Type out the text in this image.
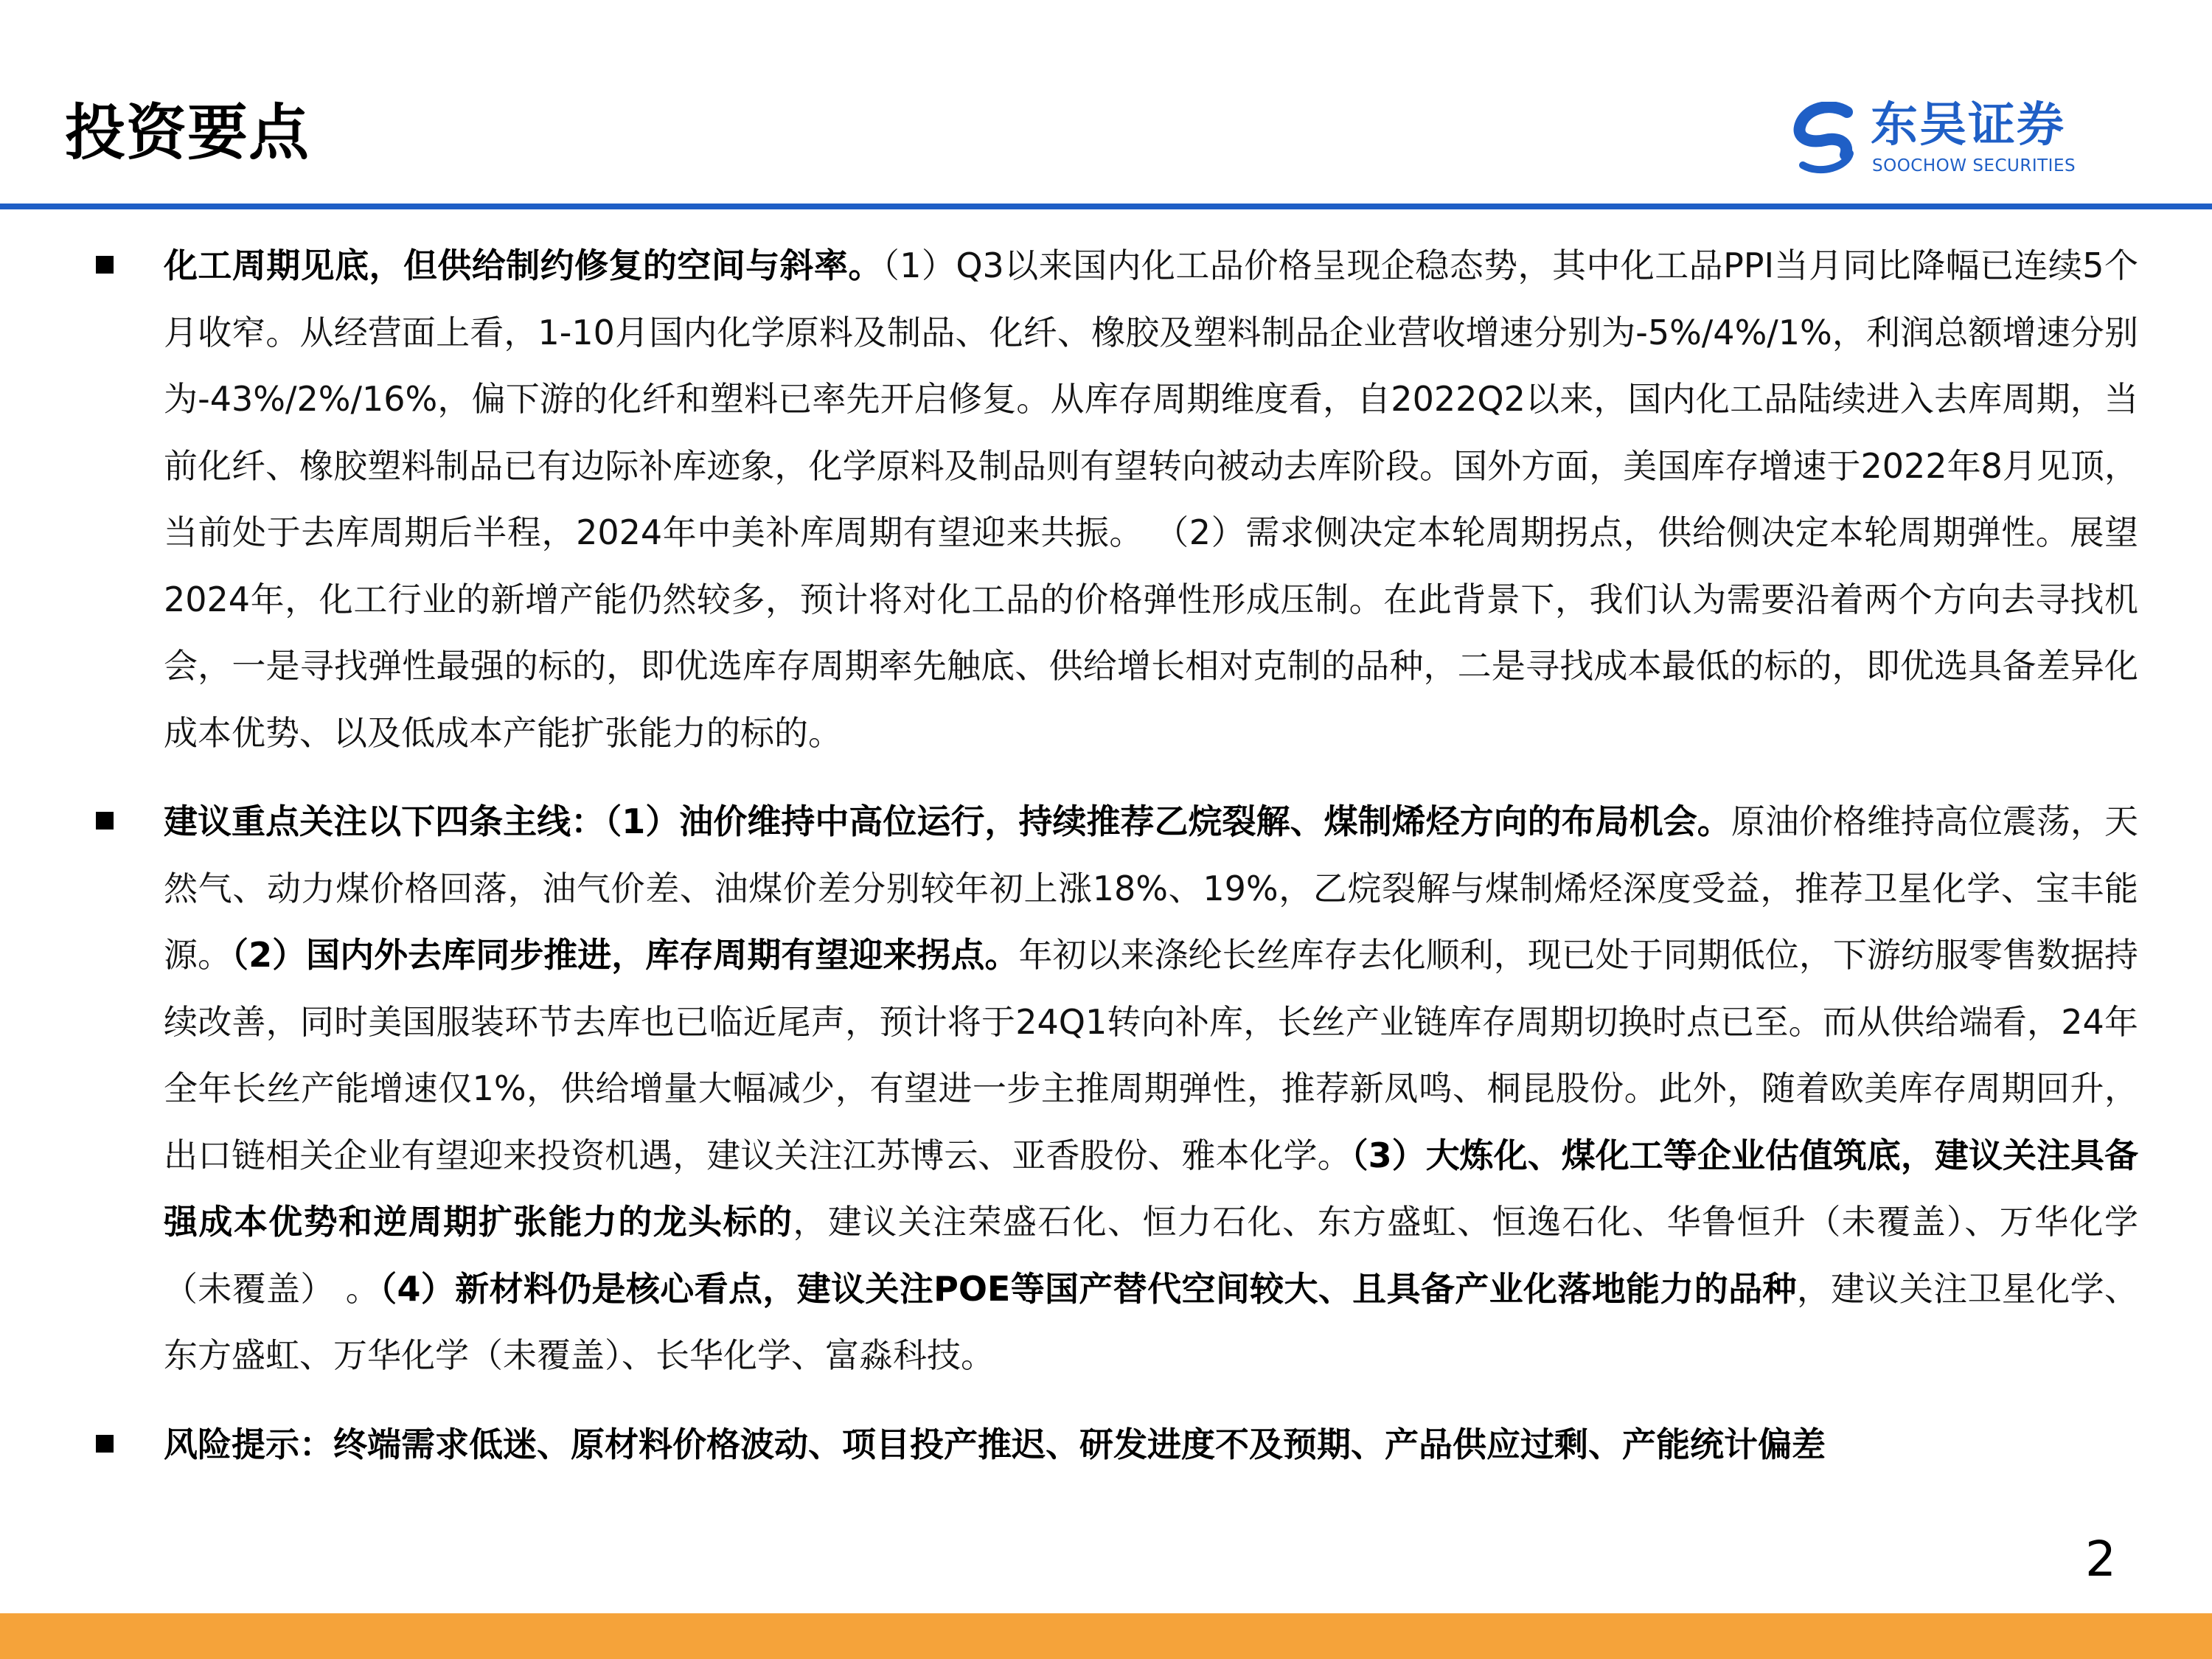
投资要点	东吴证券
SOOCHOW SECURITIES
化工周期见底，但供给制约修复的空间与斜率。（1）Q3以来国内化工品价格呈现企稳态势，其中化工品PPI当月同比降幅已连续5个月收窄。从经营面上看，1-10月国内化学原料及制品、化纤、橡胶及塑料制品企业营收增速分别为-5%/4%/1%，利润总额增速分别为-43%/2%/16%，偏下游的化纤和塑料已率先开启修复。从库存周期维度看，自2022Q2以来，国内化工品陆续进入去库周期，当前化纤、橡胶塑料制品已有边际补库迹象，化学原料及制品则有望转向被动去库阶段。国外方面，美国库存增速于2022年8月见顶，当前处于去库周期后半程，2024年中美补库周期有望迎来共振。 （2）需求侧决定本轮周期拐点，供给侧决定本轮周期弹性。展望2024年，化工行业的新增产能仍然较多，预计将对化工品的价格弹性形成压制。在此背景下，我们认为需要沿着两个方向去寻找机会，一是寻找弹性最强的标的，即优选库存周期率先触底、供给增长相对克制的品种，二是寻找成本最低的标的，即优选具备差异化成本优势、以及低成本产能扩张能力的标的。
建议重点关注以下四条主线：（1）油价维持中高位运行，持续推荐乙烷裂解、煤制烯烃方向的布局机会。原油价格维持高位震荡，天然气、动力煤价格回落，油气价差、油煤价差分别较年初上涨18%、19%，乙烷裂解与煤制烯烃深度受益，推荐卫星化学、宝丰能源。（2）国内外去库同步推进，库存周期有望迎来拐点。年初以来涤纶长丝库存去化顺利，现已处于同期低位，下游纺服零售数据持续改善，同时美国服装环节去库也已临近尾声，预计将于24Q1转向补库，长丝产业链库存周期切换时点已至。而从供给端看，24年全年长丝产能增速仅1%，供给增量大幅减少，有望进一步主推周期弹性，推荐新凤鸣、桐昆股份。此外，随着欧美库存周期回升，出口链相关企业有望迎来投资机遇，建议关注江苏博云、亚香股份、雅本化学。（3）大炼化、煤化工等企业估值筑底，建议关注具备强成本优势和逆周期扩张能力的龙头标的，建议关注荣盛石化、恒力石化、东方盛虹、恒逸石化、华鲁恒升（未覆盖）、万华化学（未覆盖） 。（4）新材料仍是核心看点，建议关注POE等国产替代空间较大、且具备产业化落地能力的品种，建议关注卫星化学、东方盛虹、万华化学（未覆盖）、长华化学、富淼科技。
风险提示：终端需求低迷、原材料价格波动、项目投产推迟、研发进度不及预期、产品供应过剩、产能统计偏差
2
